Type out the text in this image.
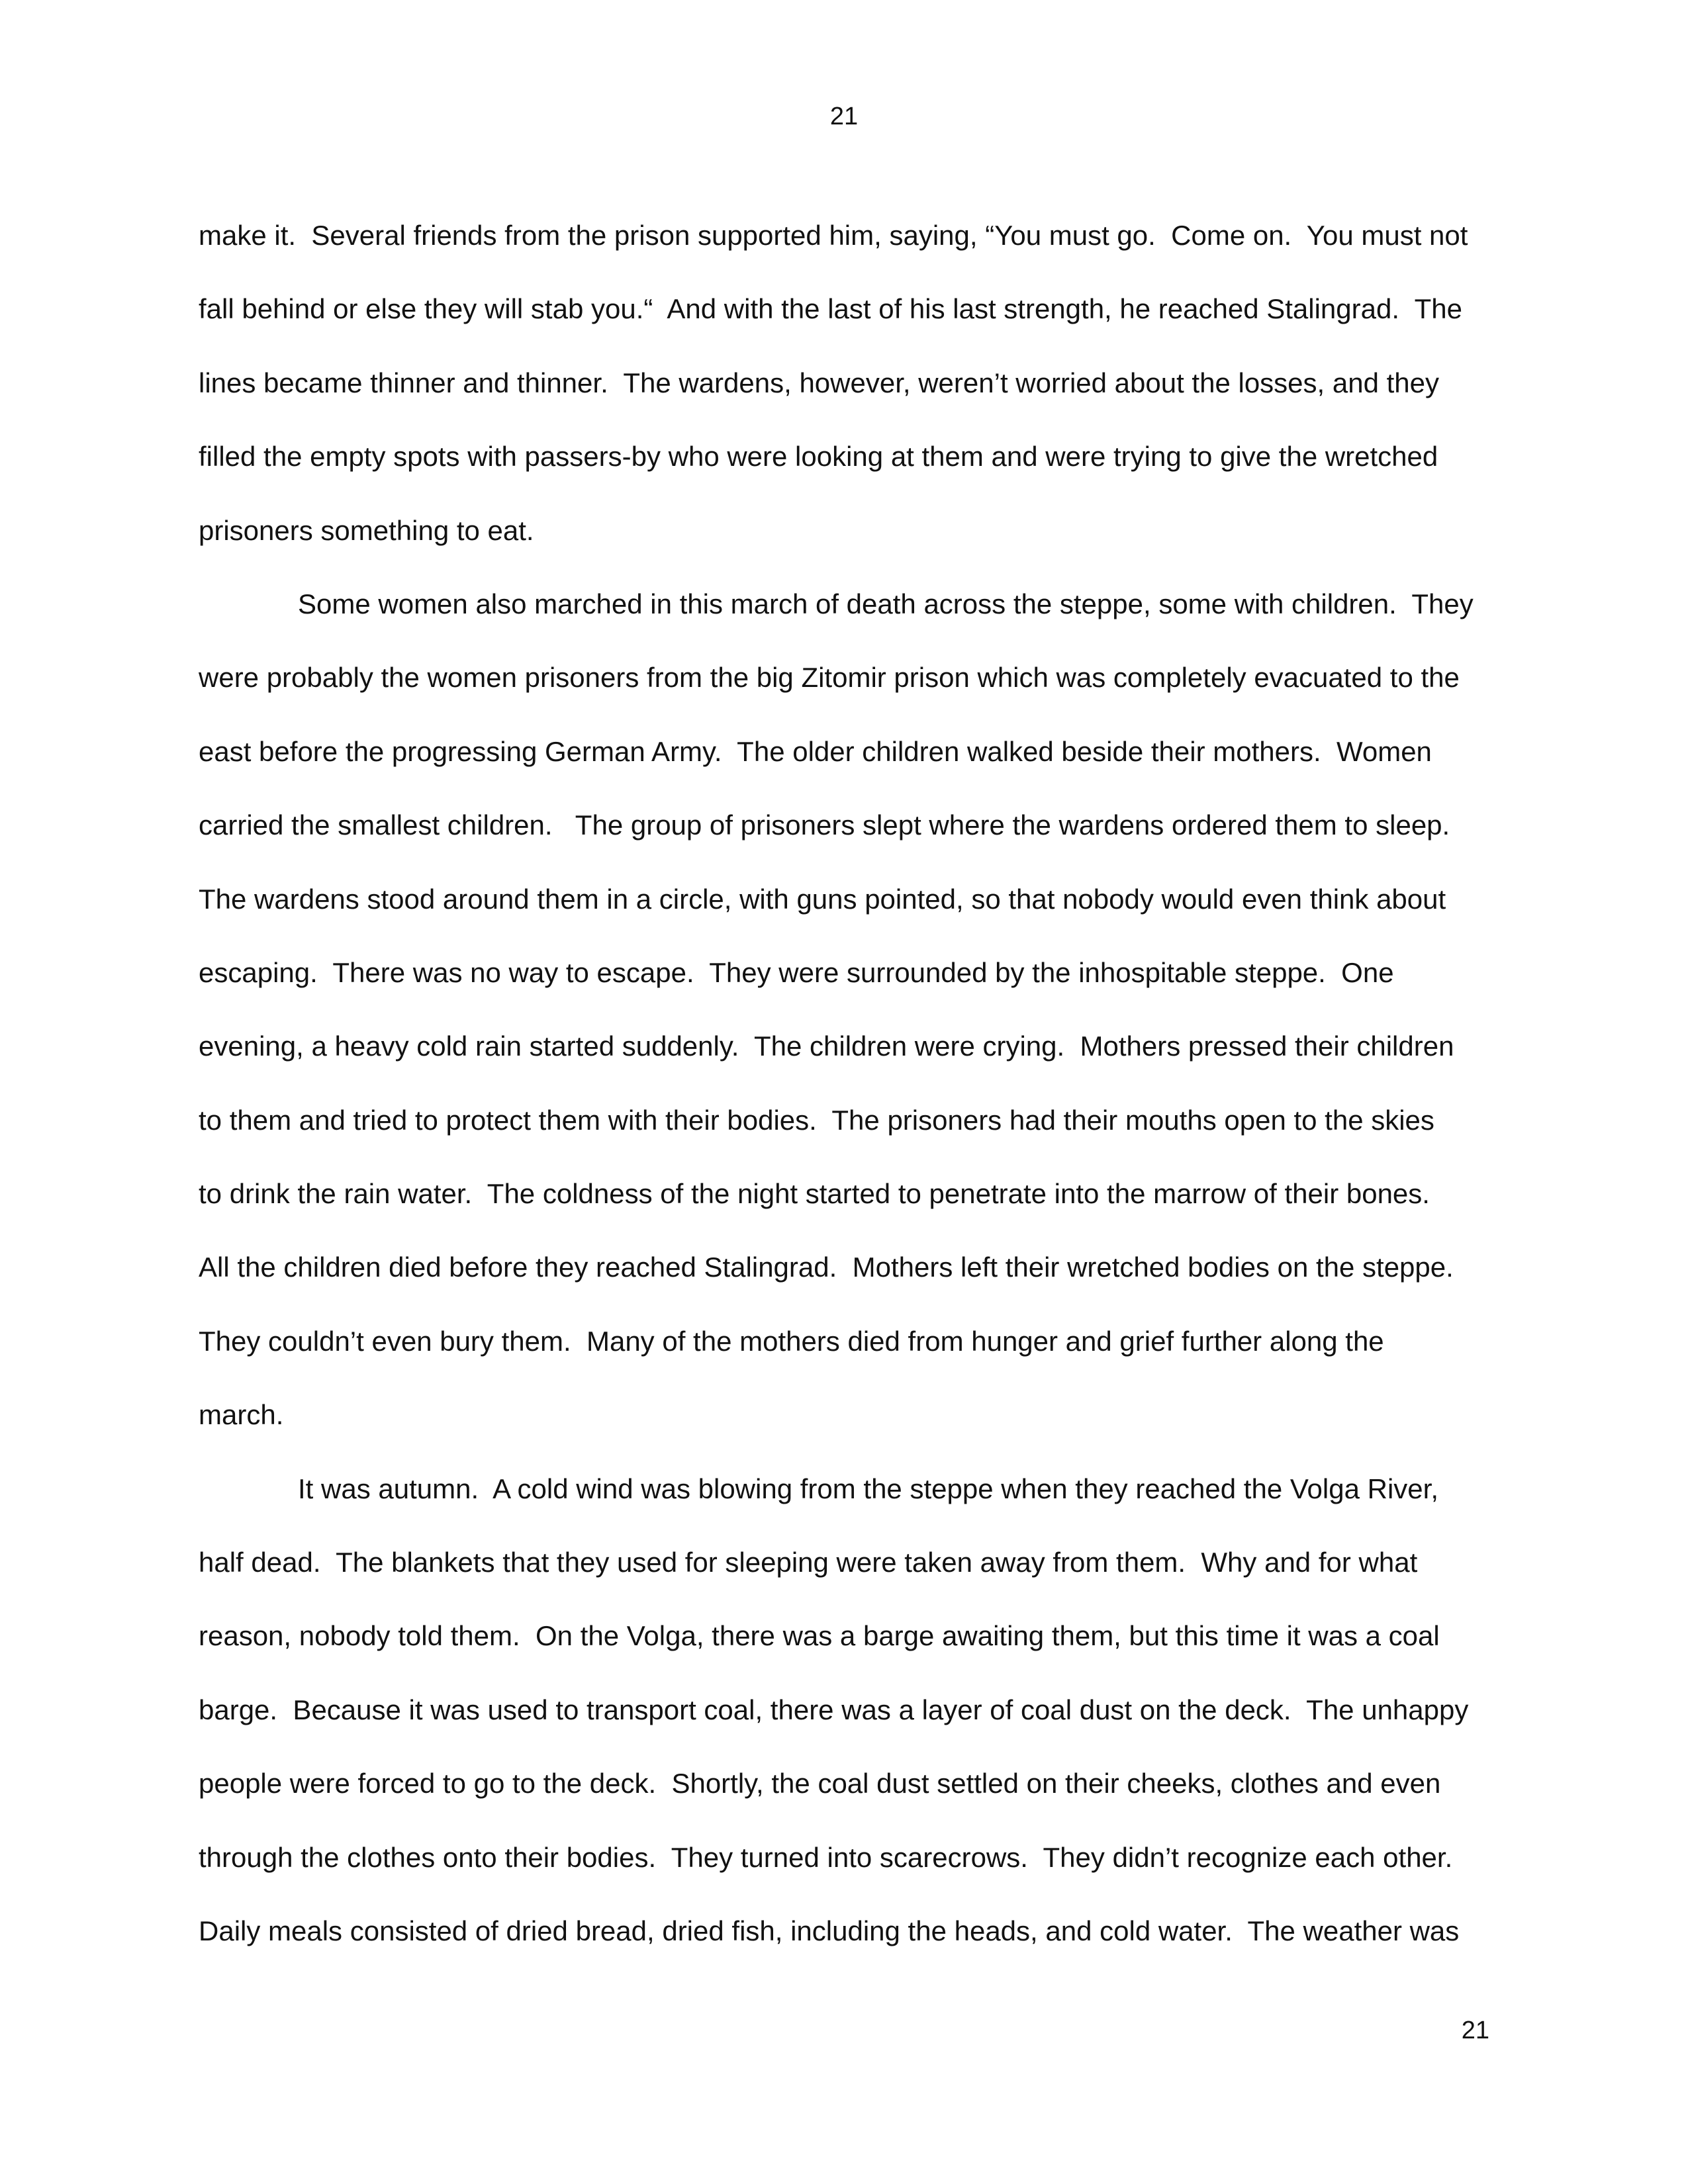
21
make it.  Several friends from the prison supported him, saying, “You must go.  Come on.  You must not
fall behind or else they will stab you.“  And with the last of his last strength, he reached Stalingrad.  The
lines became thinner and thinner.  The wardens, however, weren’t worried about the losses, and they
filled the empty spots with passers-by who were looking at them and were trying to give the wretched
prisoners something to eat.
Some women also marched in this march of death across the steppe, some with children.  They
were probably the women prisoners from the big Zitomir prison which was completely evacuated to the
east before the progressing German Army.  The older children walked beside their mothers.  Women
carried the smallest children.   The group of prisoners slept where the wardens ordered them to sleep.
The wardens stood around them in a circle, with guns pointed, so that nobody would even think about
escaping.  There was no way to escape.  They were surrounded by the inhospitable steppe.  One
evening, a heavy cold rain started suddenly.  The children were crying.  Mothers pressed their children
to them and tried to protect them with their bodies.  The prisoners had their mouths open to the skies
to drink the rain water.  The coldness of the night started to penetrate into the marrow of their bones.
All the children died before they reached Stalingrad.  Mothers left their wretched bodies on the steppe.
They couldn’t even bury them.  Many of the mothers died from hunger and grief further along the
march.
It was autumn.  A cold wind was blowing from the steppe when they reached the Volga River,
half dead.  The blankets that they used for sleeping were taken away from them.  Why and for what
reason, nobody told them.  On the Volga, there was a barge awaiting them, but this time it was a coal
barge.  Because it was used to transport coal, there was a layer of coal dust on the deck.  The unhappy
people were forced to go to the deck.  Shortly, the coal dust settled on their cheeks, clothes and even
through the clothes onto their bodies.  They turned into scarecrows.  They didn’t recognize each other.
Daily meals consisted of dried bread, dried fish, including the heads, and cold water.  The weather was
21
